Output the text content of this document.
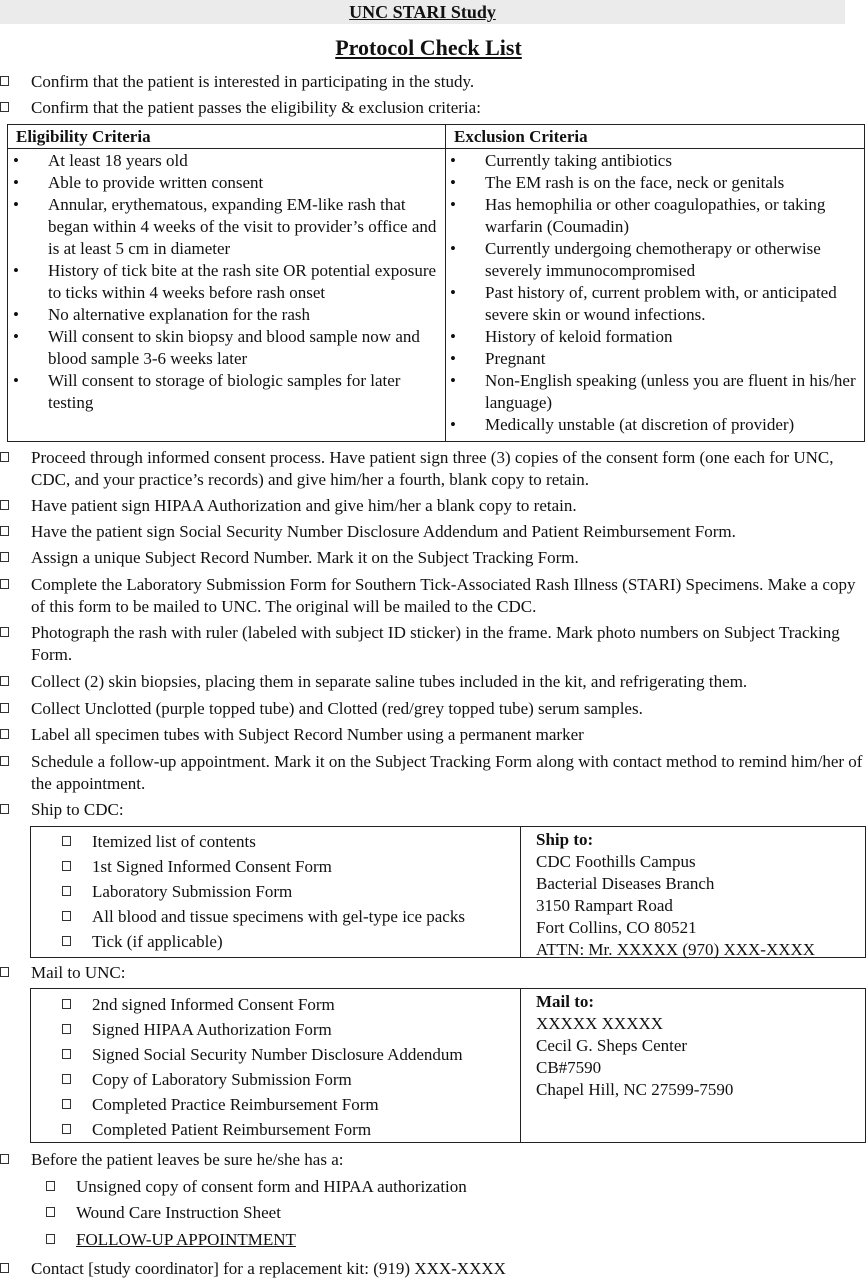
UNC STARI Study
Protocol Check List
Confirm that the patient is interested in participating in the study.
Confirm that the patient passes the eligibility & exclusion criteria:
Eligibility Criteria	Exclusion Criteria
• At least 18 years old
• Able to provide written consent
• Annular, erythematous, expanding EM-like rash that began within 4 weeks of the visit to provider’s office and is at least 5 cm in diameter
• History of tick bite at the rash site OR potential exposure to ticks within 4 weeks before rash onset
• No alternative explanation for the rash
• Will consent to skin biopsy and blood sample now and blood sample 3-6 weeks later
• Will consent to storage of biologic samples for later testing
• Currently taking antibiotics
• The EM rash is on the face, neck or genitals
• Has hemophilia or other coagulopathies, or taking warfarin (Coumadin)
• Currently undergoing chemotherapy or otherwise severely immunocompromised
• Past history of, current problem with, or anticipated severe skin or wound infections.
• History of keloid formation
• Pregnant
• Non-English speaking (unless you are fluent in his/her language)
• Medically unstable (at discretion of provider)
Proceed through informed consent process. Have patient sign three (3) copies of the consent form (one each for UNC, CDC, and your practice’s records) and give him/her a fourth, blank copy to retain.
Have patient sign HIPAA Authorization and give him/her a blank copy to retain.
Have the patient sign Social Security Number Disclosure Addendum and Patient Reimbursement Form.
Assign a unique Subject Record Number. Mark it on the Subject Tracking Form.
Complete the Laboratory Submission Form for Southern Tick-Associated Rash Illness (STARI) Specimens. Make a copy of this form to be mailed to UNC. The original will be mailed to the CDC.
Photograph the rash with ruler (labeled with subject ID sticker) in the frame. Mark photo numbers on Subject Tracking Form.
Collect (2) skin biopsies, placing them in separate saline tubes included in the kit, and refrigerating them.
Collect Unclotted (purple topped tube) and Clotted (red/grey topped tube) serum samples.
Label all specimen tubes with Subject Record Number using a permanent marker
Schedule a follow-up appointment. Mark it on the Subject Tracking Form along with contact method to remind him/her of the appointment.
Ship to CDC:
Itemized list of contents
1st Signed Informed Consent Form
Laboratory Submission Form
All blood and tissue specimens with gel-type ice packs
Tick (if applicable)
Ship to:
CDC Foothills Campus
Bacterial Diseases Branch
3150 Rampart Road
Fort Collins, CO 80521
ATTN: Mr. XXXXX (970) XXX-XXXX
Mail to UNC:
2nd signed Informed Consent Form
Signed HIPAA Authorization Form
Signed Social Security Number Disclosure Addendum
Copy of Laboratory Submission Form
Completed Practice Reimbursement Form
Completed Patient Reimbursement Form
Mail to:
XXXXX XXXXX
Cecil G. Sheps Center
CB#7590
Chapel Hill, NC 27599-7590
Before the patient leaves be sure he/she has a:
Unsigned copy of consent form and HIPAA authorization
Wound Care Instruction Sheet
FOLLOW-UP APPOINTMENT
Contact [study coordinator] for a replacement kit: (919) XXX-XXXX
